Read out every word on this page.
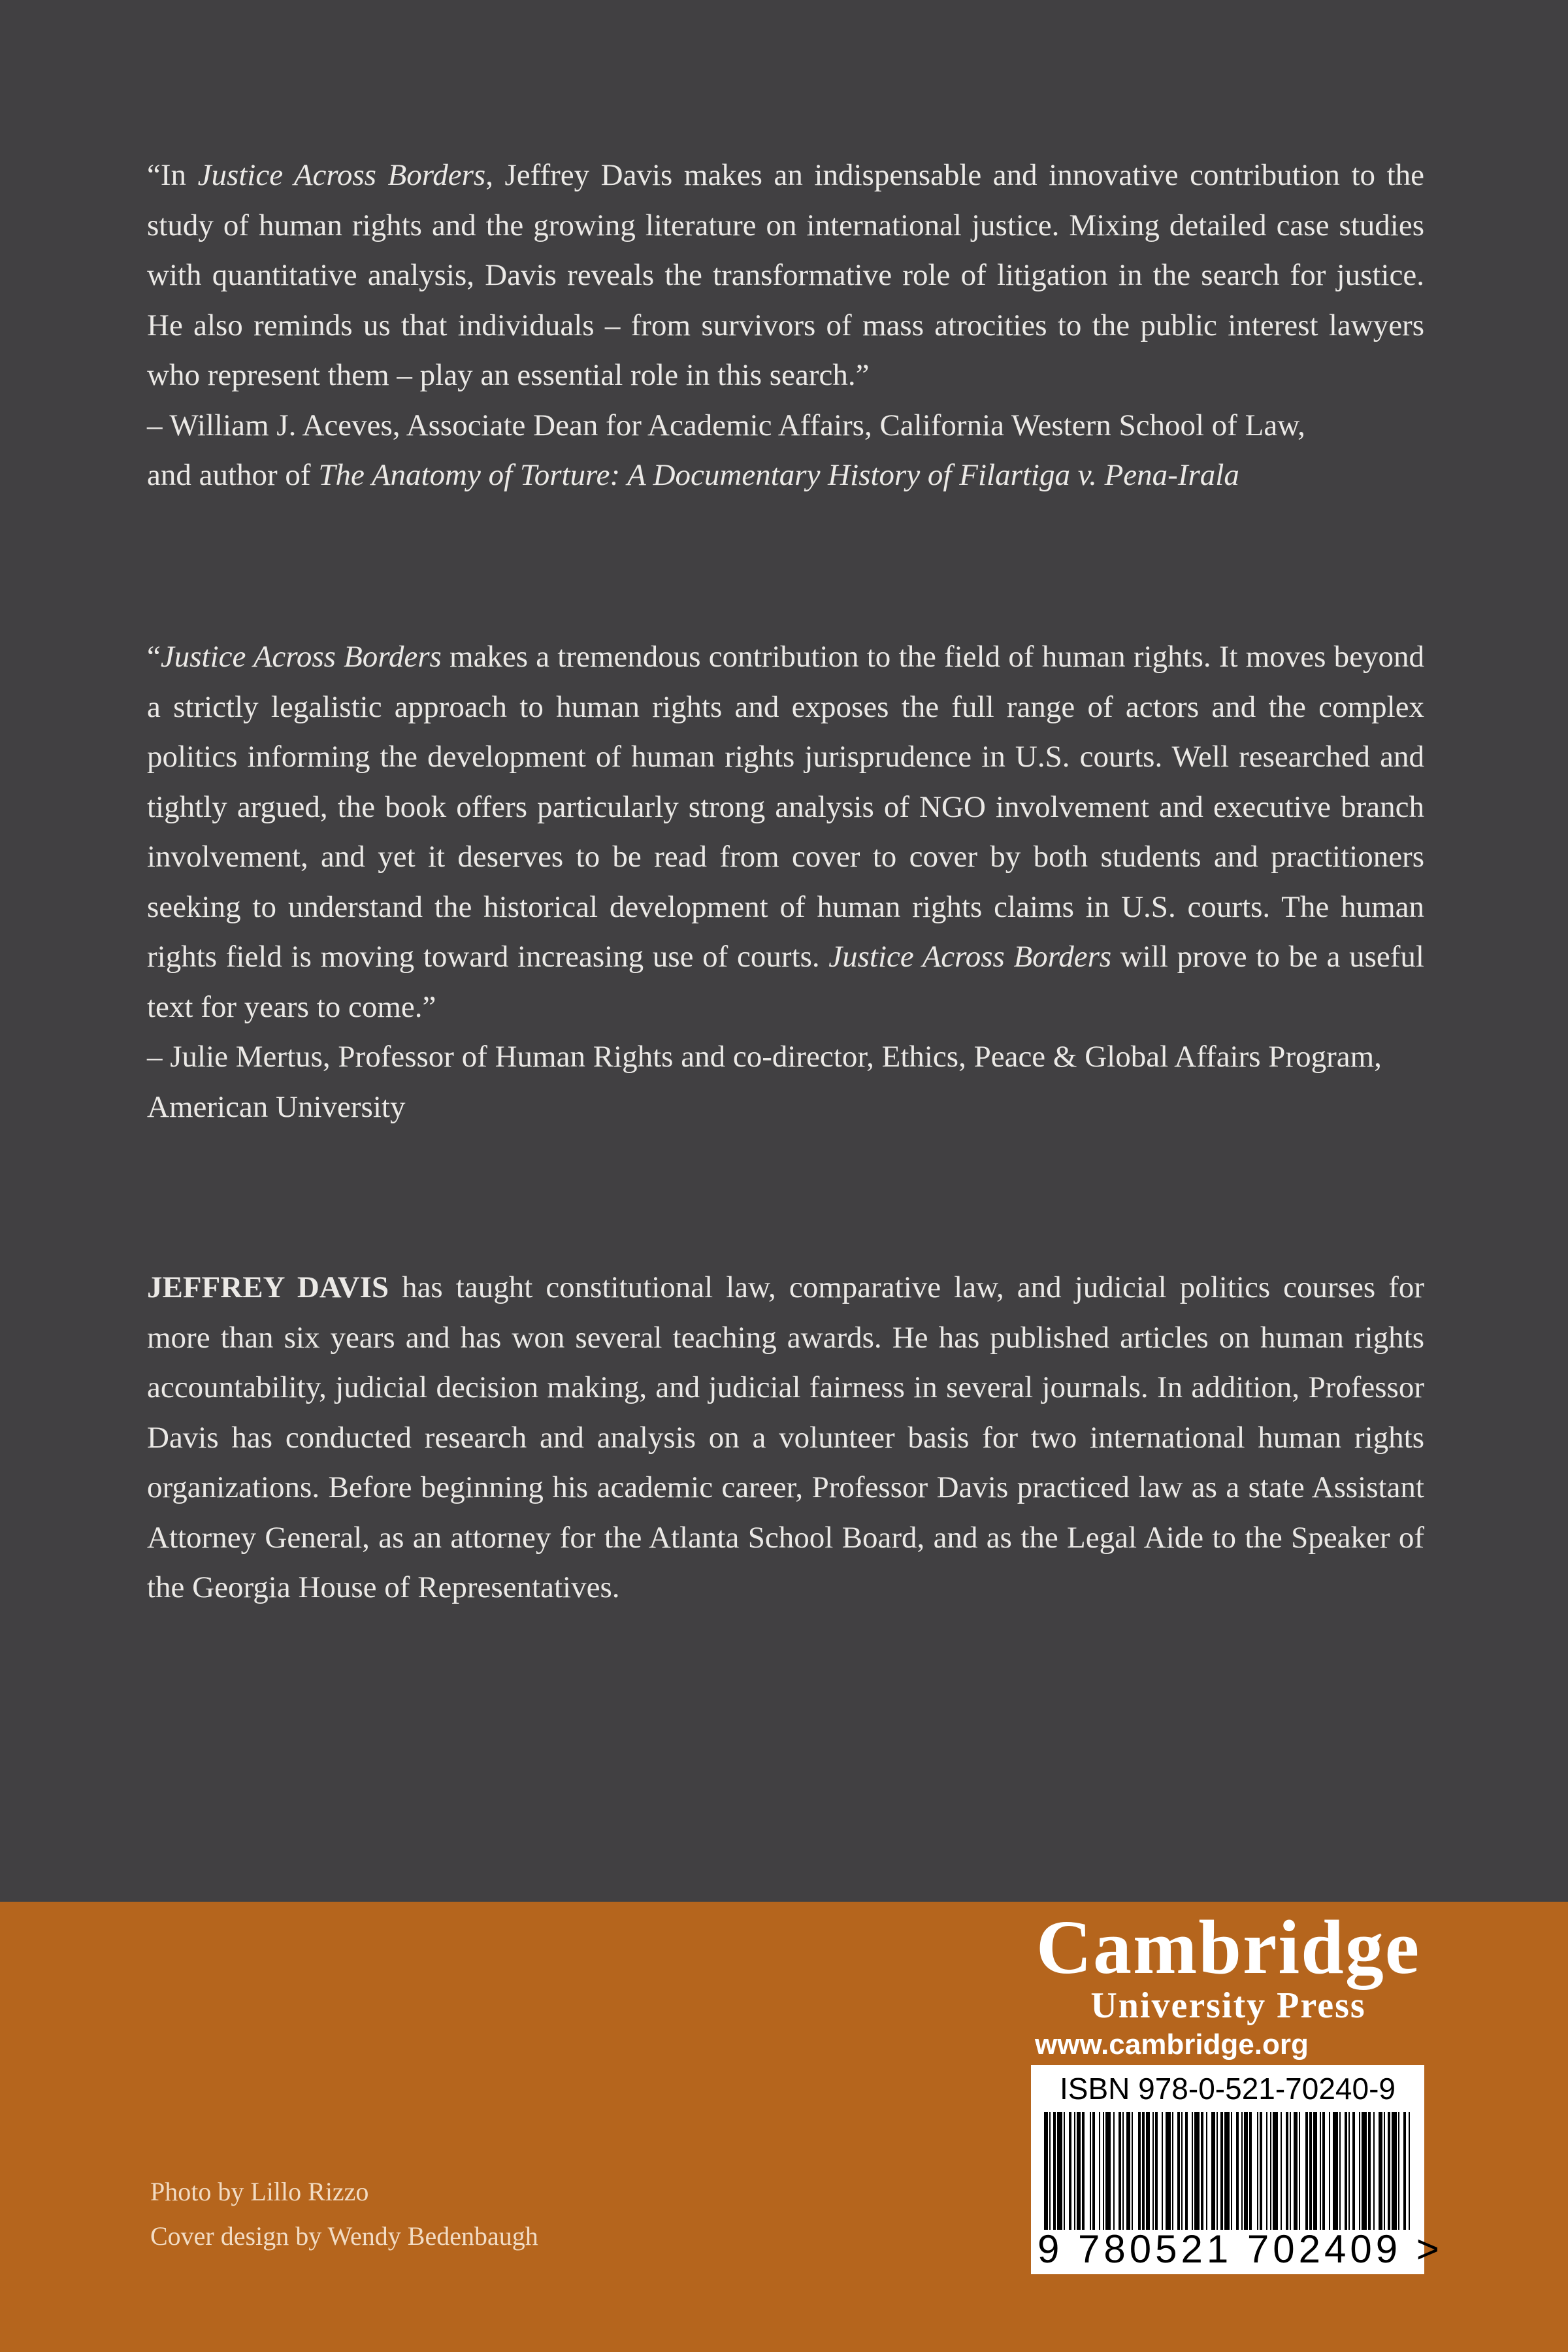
“In Justice Across Borders, Jeffrey Davis makes an indispensable and innovative contribution to the study of human rights and the growing literature on international justice. Mixing detailed case studies with quantitative analysis, Davis reveals the transformative role of litigation in the search for justice. He also reminds us that individuals – from survivors of mass atrocities to the public interest lawyers who represent them – play an essential role in this search.”

– William J. Aceves, Associate Dean for Academic Affairs, California Western School of Law,
and author of The Anatomy of Torture: A Documentary History of Filartiga v. Pena-Irala

“Justice Across Borders makes a tremendous contribution to the field of human rights. It moves beyond a strictly legalistic approach to human rights and exposes the full range of actors and the complex politics informing the development of human rights jurisprudence in U.S. courts. Well researched and tightly argued, the book offers particularly strong analysis of NGO involvement and executive branch involvement, and yet it deserves to be read from cover to cover by both students and practitioners seeking to understand the historical development of human rights claims in U.S. courts. The human rights field is moving toward increasing use of courts. Justice Across Borders will prove to be a useful text for years to come.”

– Julie Mertus, Professor of Human Rights and co-director, Ethics, Peace & Global Affairs Program, American University

JEFFREY DAVIS has taught constitutional law, comparative law, and judicial politics courses for more than six years and has won several teaching awards. He has published articles on human rights accountability, judicial decision making, and judicial fairness in several journals. In addition, Professor Davis has conducted research and analysis on a volunteer basis for two international human rights organizations. Before beginning his academic career, Professor Davis practiced law as a state Assistant Attorney General, as an attorney for the Atlanta School Board, and as the Legal Aide to the Speaker of the Georgia House of Representatives.

Photo by Lillo Rizzo

Cover design by Wendy Bedenbaugh

Cambridge
University Press
www.cambridge.org
ISBN 978-0-521-70240-9
9 780521 702409 >
